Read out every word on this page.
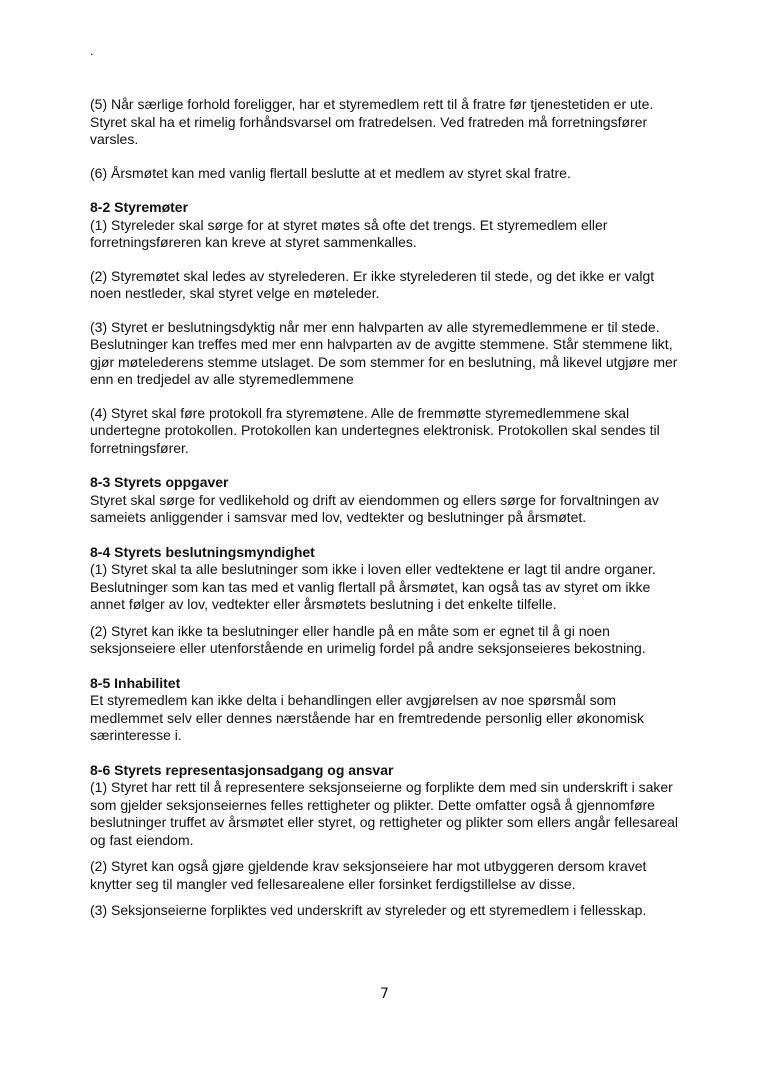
.

(5) Når særlige forhold foreligger, har et styremedlem rett til å fratre før tjenestetiden er ute. Styret skal ha et rimelig forhåndsvarsel om fratredelsen. Ved fratreden må forretningsfører varsles.

(6) Årsmøtet kan med vanlig flertall beslutte at et medlem av styret skal fratre.

8-2 Styremøter

(1) Styreleder skal sørge for at styret møtes så ofte det trengs. Et styremedlem eller forretningsføreren kan kreve at styret sammenkalles.

(2) Styremøtet skal ledes av styrelederen. Er ikke styrelederen til stede, og det ikke er valgt noen nestleder, skal styret velge en møteleder.

(3) Styret er beslutningsdyktig når mer enn halvparten av alle styremedlemmene er til stede. Beslutninger kan treffes med mer enn halvparten av de avgitte stemmene. Står stemmene likt, gjør møtelederens stemme utslaget. De som stemmer for en beslutning, må likevel utgjøre mer enn en tredjedel av alle styremedlemmene

(4) Styret skal føre protokoll fra styremøtene. Alle de fremmøtte styremedlemmene skal undertegne protokollen. Protokollen kan undertegnes elektronisk. Protokollen skal sendes til forretningsfører.

8-3 Styrets oppgaver

Styret skal sørge for vedlikehold og drift av eiendommen og ellers sørge for forvaltningen av sameiets anliggender i samsvar med lov, vedtekter og beslutninger på årsmøtet.

8-4 Styrets beslutningsmyndighet

(1) Styret skal ta alle beslutninger som ikke i loven eller vedtektene er lagt til andre organer. Beslutninger som kan tas med et vanlig flertall på årsmøtet, kan også tas av styret om ikke annet følger av lov, vedtekter eller årsmøtets beslutning i det enkelte tilfelle.

(2) Styret kan ikke ta beslutninger eller handle på en måte som er egnet til å gi noen seksjonseiere eller utenforstående en urimelig fordel på andre seksjonseieres bekostning.

8-5 Inhabilitet

Et styremedlem kan ikke delta i behandlingen eller avgjørelsen av noe spørsmål som medlemmet selv eller dennes nærstående har en fremtredende personlig eller økonomisk særinteresse i.

8-6 Styrets representasjonsadgang og ansvar

(1) Styret har rett til å representere seksjonseierne og forplikte dem med sin underskrift i saker som gjelder seksjonseiernes felles rettigheter og plikter. Dette omfatter også å gjennomføre beslutninger truffet av årsmøtet eller styret, og rettigheter og plikter som ellers angår fellesareal og fast eiendom.

(2) Styret kan også gjøre gjeldende krav seksjonseiere har mot utbyggeren dersom kravet knytter seg til mangler ved fellesarealene eller forsinket ferdigstillelse av disse.

(3) Seksjonseierne forpliktes ved underskrift av styreleder og ett styremedlem i fellesskap.

7
